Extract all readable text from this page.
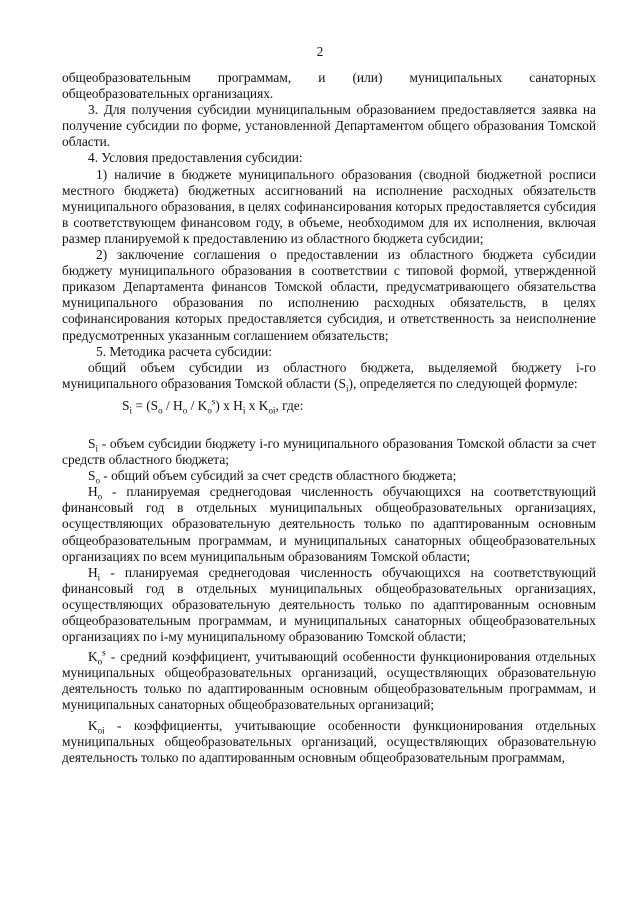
2

общеобразовательным программам, и (или) муниципальных санаторных

общеобразовательных организациях.

3. Для получения субсидии муниципальным образованием предоставляется заявка на получение субсидии по форме, установленной Департаментом общего образования Томской области.

4. Условия предоставления субсидии:

1) наличие в бюджете муниципального образования (сводной бюджетной росписи местного бюджета) бюджетных ассигнований на исполнение расходных обязательств муниципального образования, в целях софинансирования которых предоставляется субсидия в соответствующем финансовом году, в объеме, необходимом для их исполнения, включая размер планируемой к предоставлению из областного бюджета субсидии;

2) заключение соглашения о предоставлении из областного бюджета субсидии бюджету муниципального образования в соответствии с типовой формой, утвержденной приказом Департамента финансов Томской области, предусматривающего обязательства муниципального образования по исполнению расходных обязательств, в целях софинансирования которых предоставляется субсидия, и ответственность за неисполнение предусмотренных указанным соглашением обязательств;

5. Методика расчета субсидии:

общий объем субсидии из областного бюджета, выделяемой бюджету i-го муниципального образования Томской области $(S_i)$, определяется по следующей формуле:

$S_i = (S_o / H_o / K_o^s)$ x $H_i$ x $K_{oi}$, где:

$S_i$ - объем субсидии бюджету i-го муниципального образования Томской области за счет средств областного бюджета;

$S_o$ - общий объем субсидий за счет средств областного бюджета;

$H_o$ - планируемая среднегодовая численность обучающихся на соответствующий финансовый год в отдельных муниципальных общеобразовательных организациях, осуществляющих образовательную деятельность только по адаптированным основным общеобразовательным программам, и муниципальных санаторных общеобразовательных организациях по всем муниципальным образованиям Томской области;

$H_i$ - планируемая среднегодовая численность обучающихся на соответствующий финансовый год в отдельных муниципальных общеобразовательных организациях, осуществляющих образовательную деятельность только по адаптированным основным общеобразовательным программам, и муниципальных санаторных общеобразовательных организациях по i-му муниципальному образованию Томской области;

$K_o^s$ - средний коэффициент, учитывающий особенности функционирования отдельных муниципальных общеобразовательных организаций, осуществляющих образовательную деятельность только по адаптированным основным общеобразовательным программам, и муниципальных санаторных общеобразовательных организаций;

$K_{oi}$ - коэффициенты, учитывающие особенности функционирования отдельных муниципальных общеобразовательных организаций, осуществляющих образовательную деятельность только по адаптированным основным общеобразовательным программам,
